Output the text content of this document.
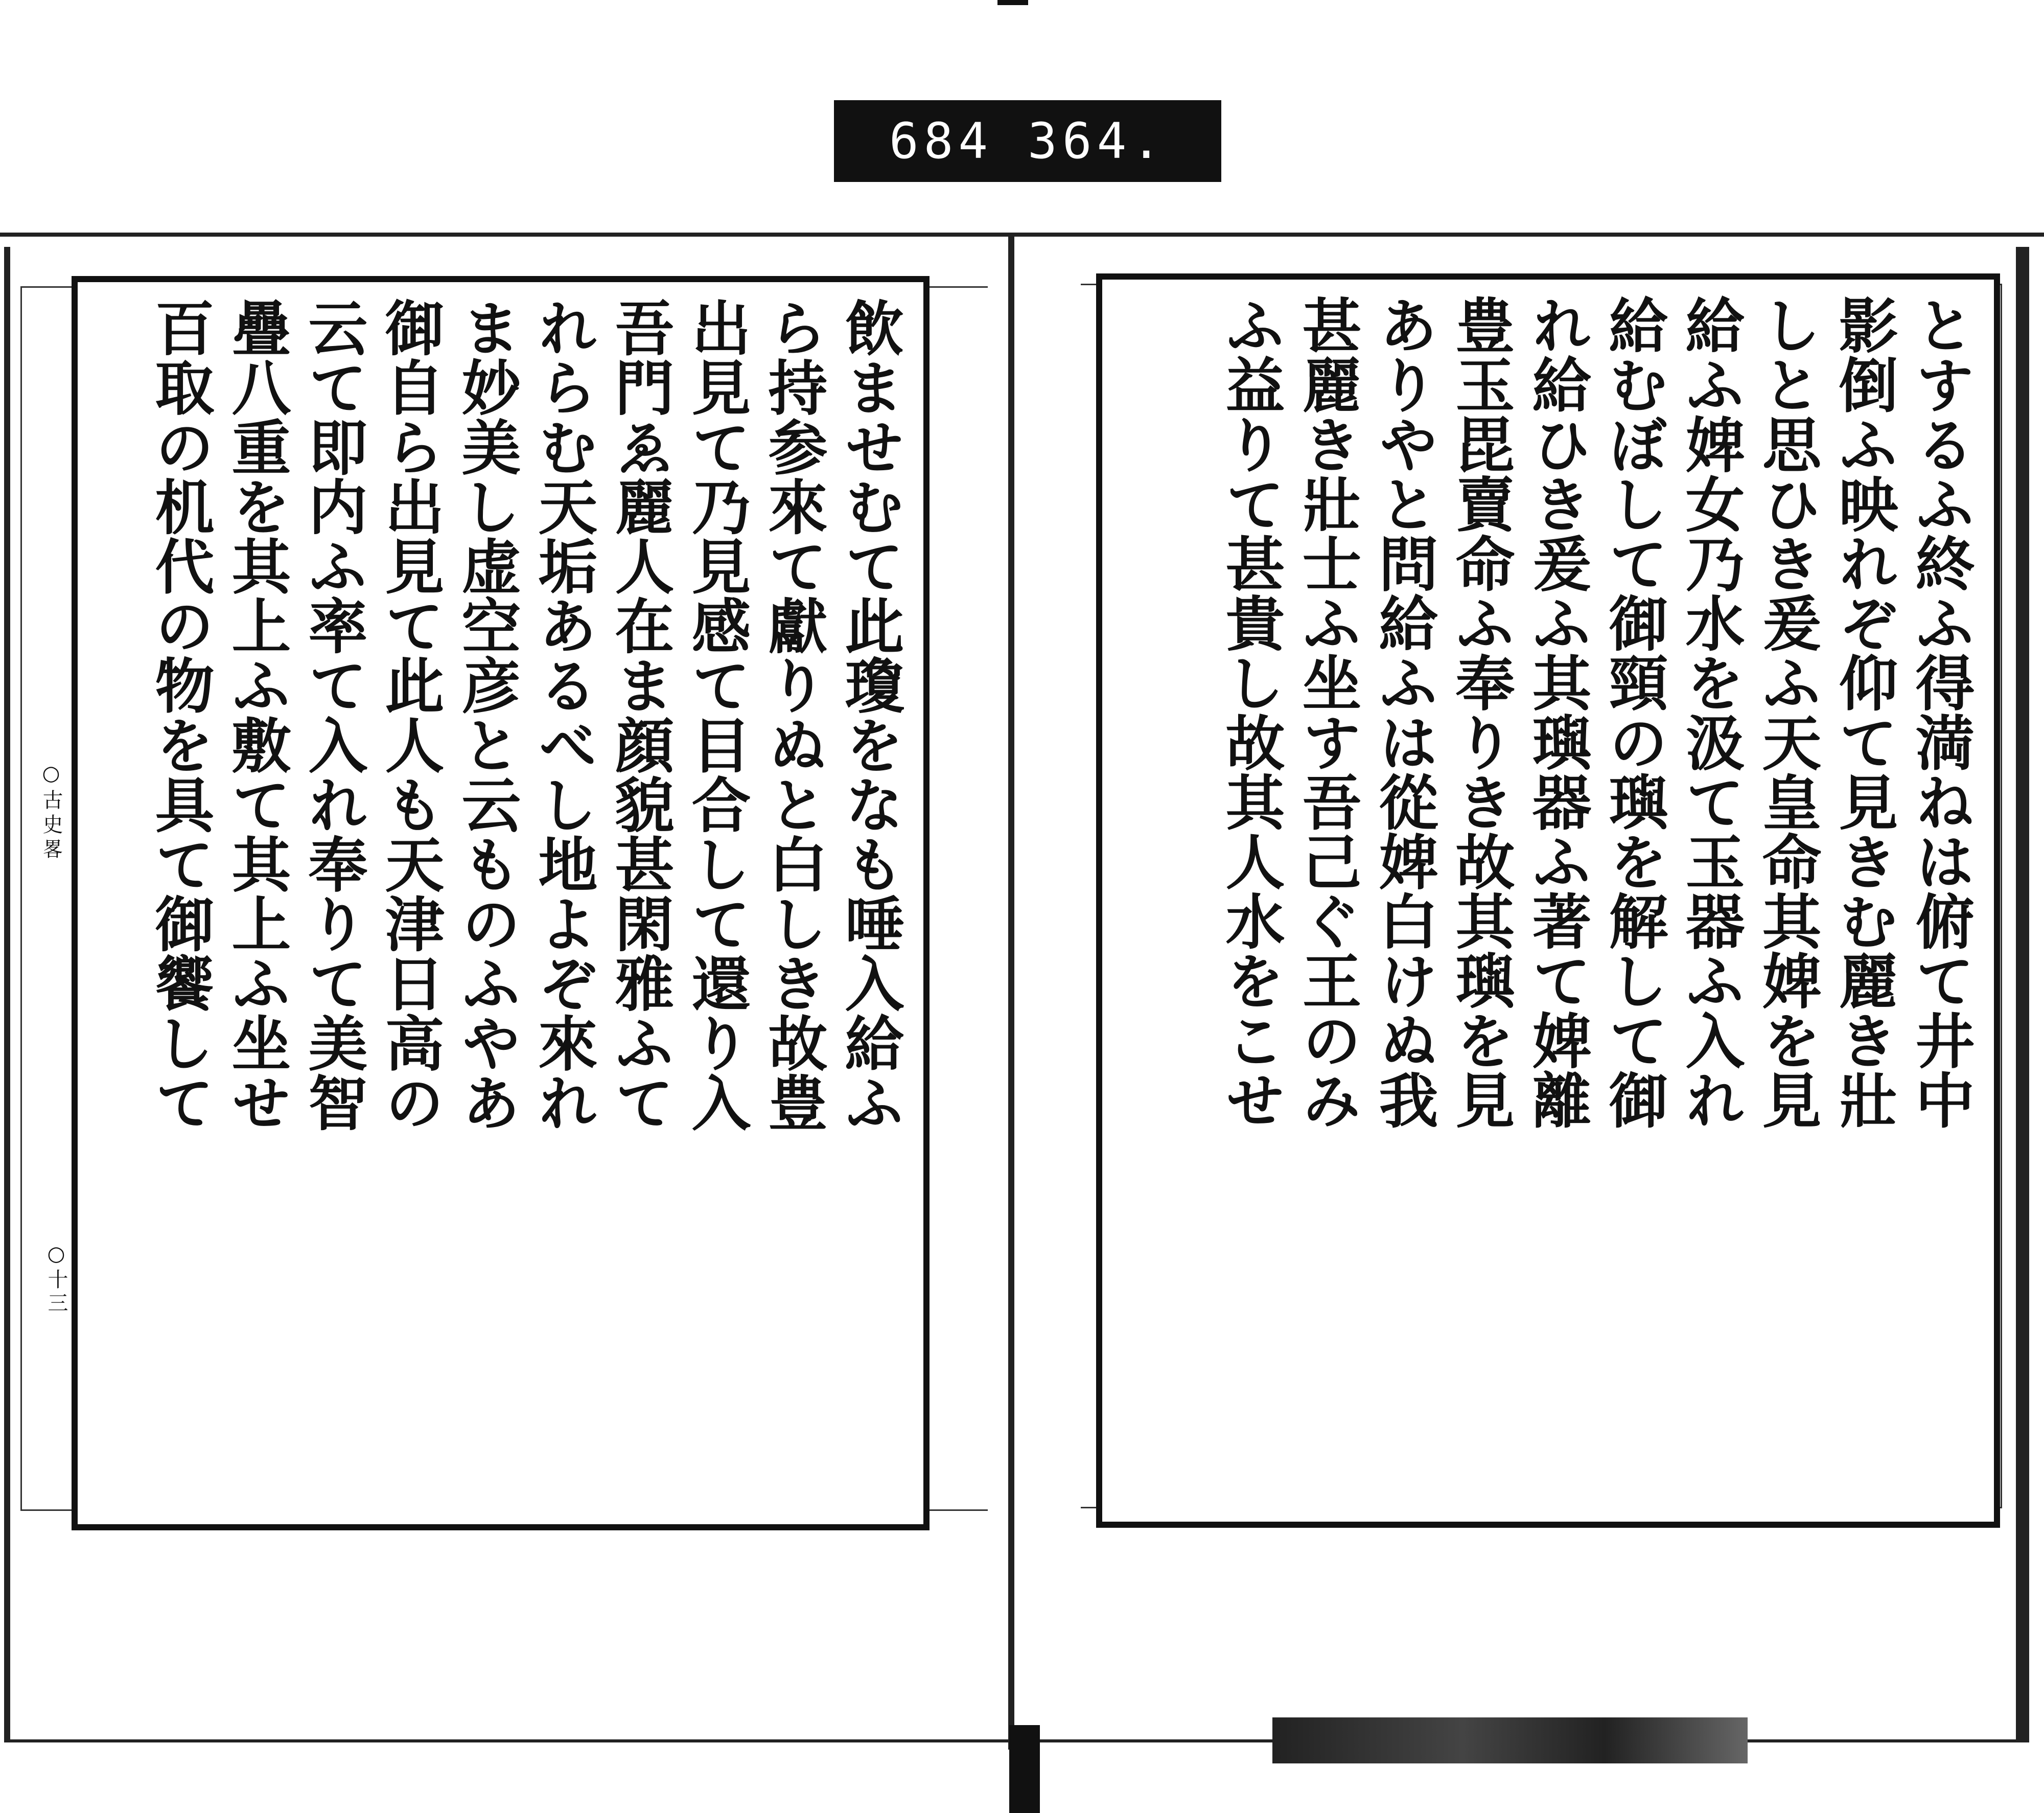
684 364.
○古史畧
○十三
飲ませむて此瓊をなも唾入給ふ
ら持参來て獻りぬと白しき故豊
出見て乃見感て目合して還り入
吾門ゑ麗人在ま顔貌甚閑雅ふて
れらむ天垢あるべし地よぞ來れ
ま妙美し虚空彦と云ものふやあ
御自ら出見て此人も天津日高の
云て即内ふ率て入れ奉りて美智
疊八重を其上ふ敷て其上ふ坐せ
百取の机代の物を具て御饗して	とするふ終ふ得満ねは俯て井中
影倒ふ映れぞ仰て見きむ麗き壯
しと思ひき爰ふ天皇命其婢を見
給ふ婢女乃水を汲て玉器ふ入れ
給むぼして御頸の璵を解して御
れ給ひき爰ふ其璵器ふ著て婢離
豊玉毘賣命ふ奉りき故其璵を見
ありやと問給ふは從婢白けぬ我
甚麗き壯士ふ坐す吾己ぐ王のみ
ふ益りて甚貴し故其人水をこせ
